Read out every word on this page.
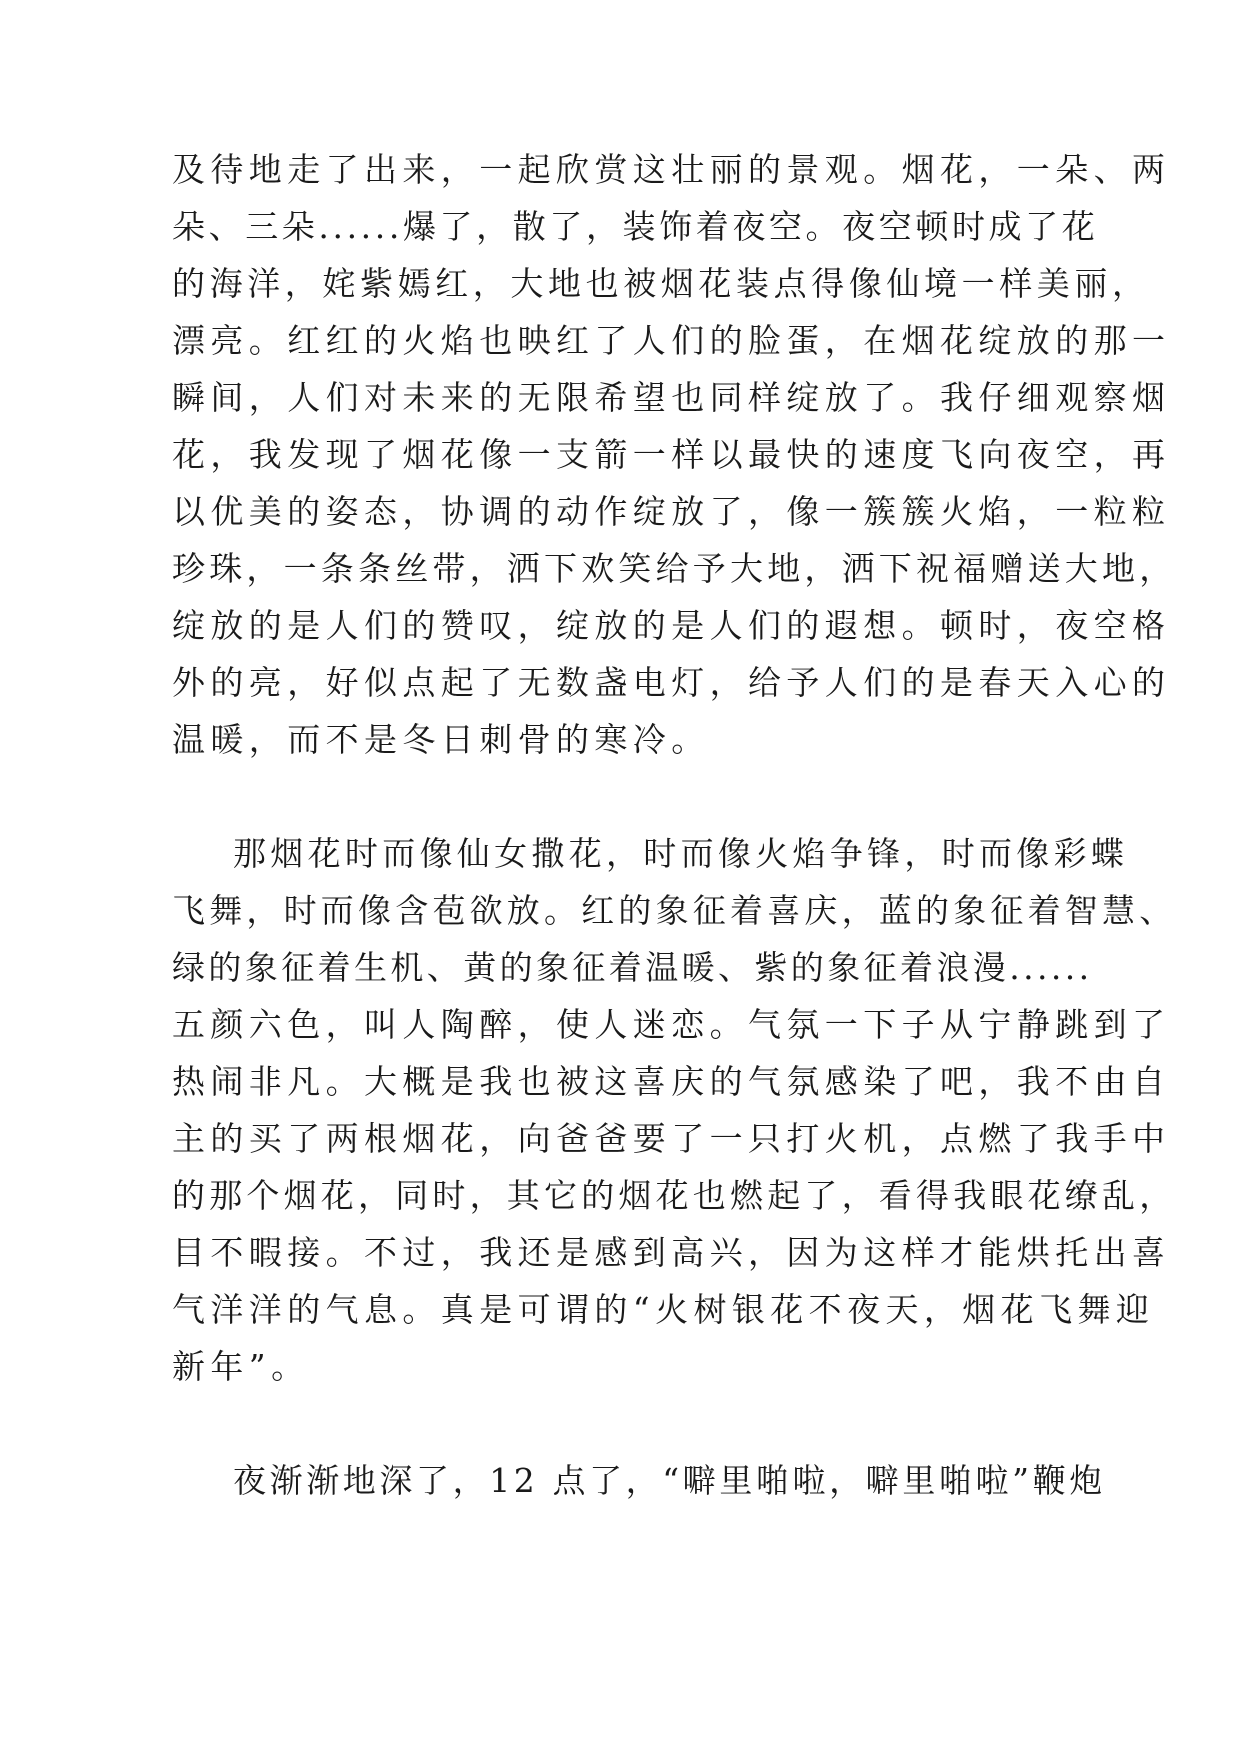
及待地走了出来，一起欣赏这壮丽的景观。烟花，一朵、两
朵、三朵......爆了，散了，装饰着夜空。夜空顿时成了花
的海洋，姹紫嫣红，大地也被烟花装点得像仙境一样美丽，
漂亮。红红的火焰也映红了人们的脸蛋，在烟花绽放的那一
瞬间，人们对未来的无限希望也同样绽放了。我仔细观察烟
花，我发现了烟花像一支箭一样以最快的速度飞向夜空，再
以优美的姿态，协调的动作绽放了，像一簇簇火焰，一粒粒
珍珠，一条条丝带，洒下欢笑给予大地，洒下祝福赠送大地，
绽放的是人们的赞叹，绽放的是人们的遐想。顿时，夜空格
外的亮，好似点起了无数盏电灯，给予人们的是春天入心的
温暖，而不是冬日刺骨的寒冷。
那烟花时而像仙女撒花，时而像火焰争锋，时而像彩蝶
飞舞，时而像含苞欲放。红的象征着喜庆，蓝的象征着智慧、
绿的象征着生机、黄的象征着温暖、紫的象征着浪漫......
五颜六色，叫人陶醉，使人迷恋。气氛一下子从宁静跳到了
热闹非凡。大概是我也被这喜庆的气氛感染了吧，我不由自
主的买了两根烟花，向爸爸要了一只打火机，点燃了我手中
的那个烟花，同时，其它的烟花也燃起了，看得我眼花缭乱，
目不暇接。不过，我还是感到高兴，因为这样才能烘托出喜
气洋洋的气息。真是可谓的“火树银花不夜天，烟花飞舞迎
新年”。
夜渐渐地深了，12 点了，“噼里啪啦，噼里啪啦”鞭炮
